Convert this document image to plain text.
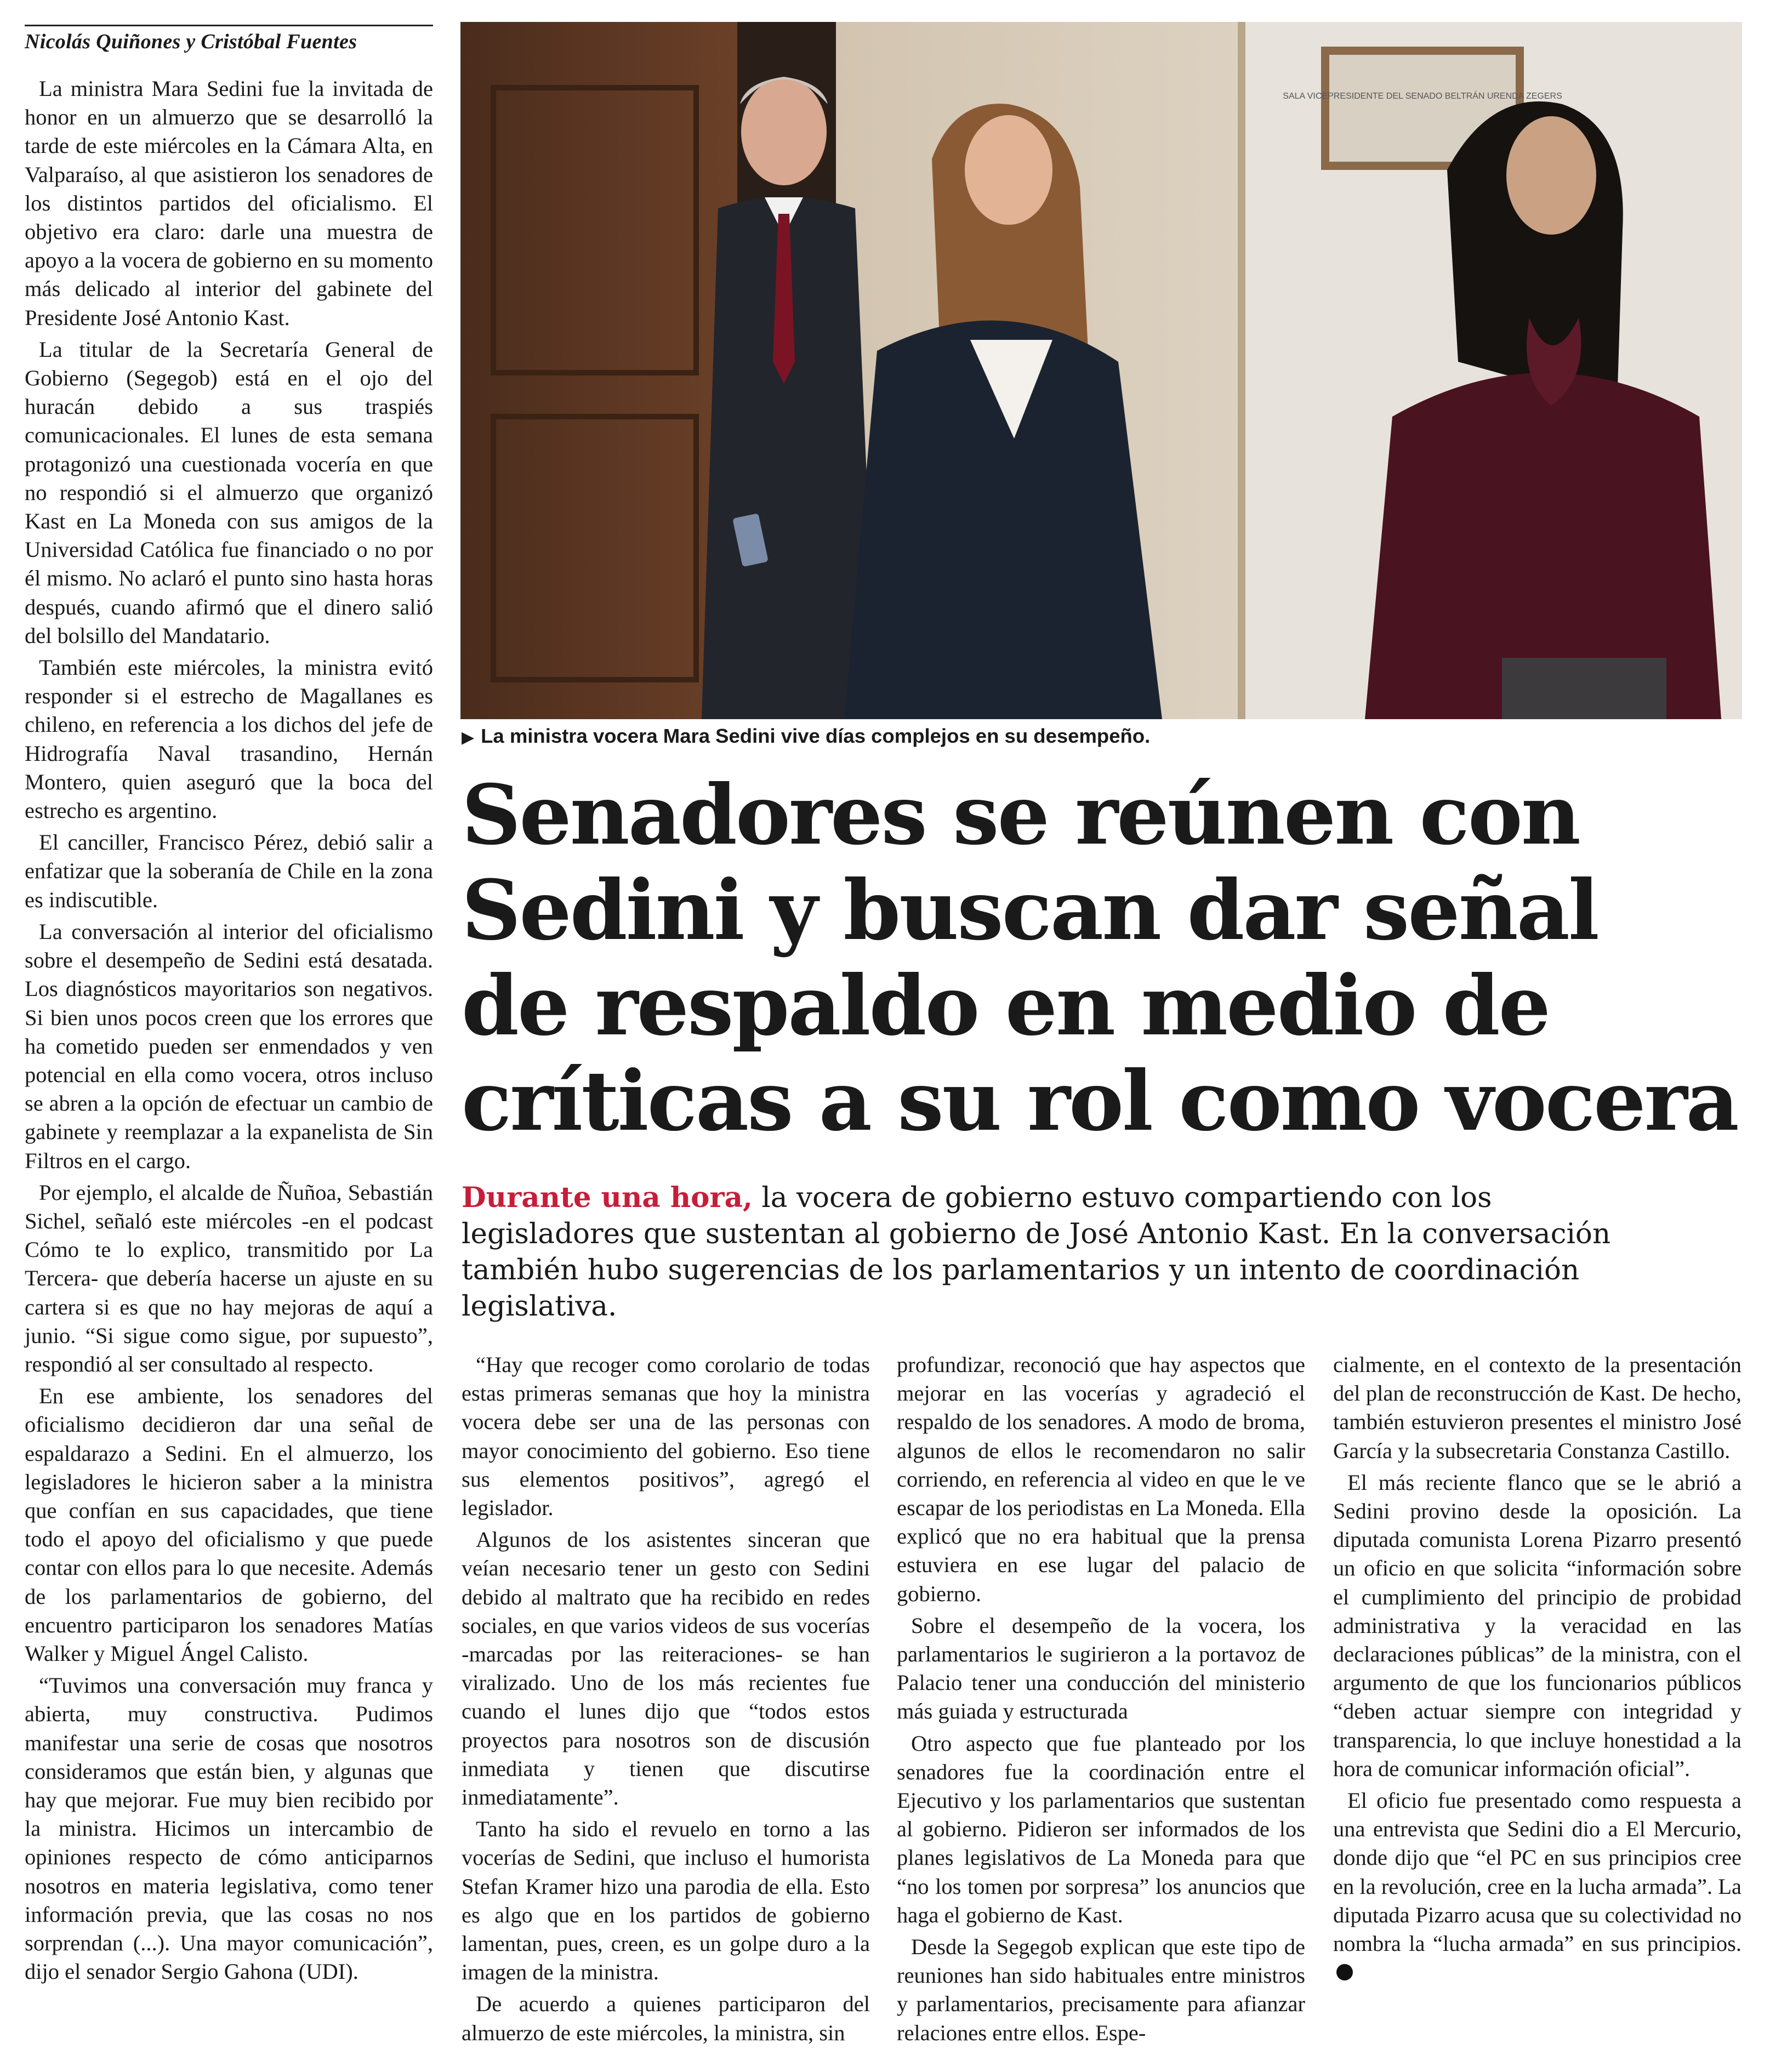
Nicolás Quiñones y Cristóbal Fuentes

La ministra Mara Sedini fue la invitada de honor en un almuerzo que se desarrolló la tarde de este miércoles en la Cámara Alta, en Valparaíso, al que asistieron los senadores de los distintos partidos del oficialismo. El objetivo era claro: darle una muestra de apoyo a la vocera de gobierno en su momento más delicado al interior del gabinete del Presidente José Antonio Kast.

La titular de la Secretaría General de Gobierno (Segegob) está en el ojo del huracán debido a sus traspiés comunicacionales. El lunes de esta semana protagonizó una cuestionada vocería en que no respondió si el almuerzo que organizó Kast en La Moneda con sus amigos de la Universidad Católica fue financiado o no por él mismo. No aclaró el punto sino hasta horas después, cuando afirmó que el dinero salió del bolsillo del Mandatario.

También este miércoles, la ministra evitó responder si el estrecho de Magallanes es chileno, en referencia a los dichos del jefe de Hidrografía Naval trasandino, Hernán Montero, quien aseguró que la boca del estrecho es argentino.

El canciller, Francisco Pérez, debió salir a enfatizar que la soberanía de Chile en la zona es indiscutible.

La conversación al interior del oficialismo sobre el desempeño de Sedini está desatada. Los diagnósticos mayoritarios son negativos. Si bien unos pocos creen que los errores que ha cometido pueden ser enmendados y ven potencial en ella como vocera, otros incluso se abren a la opción de efectuar un cambio de gabinete y reemplazar a la expanelista de Sin Filtros en el cargo.

Por ejemplo, el alcalde de Ñuñoa, Sebastián Sichel, señaló este miércoles -en el podcast Cómo te lo explico, transmitido por La Tercera- que debería hacerse un ajuste en su cartera si es que no hay mejoras de aquí a junio. “Si sigue como sigue, por supuesto”, respondió al ser consultado al respecto.

En ese ambiente, los senadores del oficialismo decidieron dar una señal de espaldarazo a Sedini. En el almuerzo, los legisladores le hicieron saber a la ministra que confían en sus capacidades, que tiene todo el apoyo del oficialismo y que puede contar con ellos para lo que necesite. Además de los parlamentarios de gobierno, del encuentro participaron los senadores Matías Walker y Miguel Ángel Calisto.

“Tuvimos una conversación muy franca y abierta, muy constructiva. Pudimos manifestar una serie de cosas que nosotros consideramos que están bien, y algunas que hay que mejorar. Fue muy bien recibido por la ministra. Hicimos un intercambio de opiniones respecto de cómo anticiparnos nosotros en materia legislativa, como tener información previa, que las cosas no nos sorprendan (...). Una mayor comunicación”, dijo el senador Sergio Gahona (UDI).

SALA VICEPRESIDENTE DEL SENADO BELTRÁN URENDA ZEGERS
▶ La ministra vocera Mara Sedini vive días complejos en su desempeño.
Senadores se reúnen con
Sedini y buscan dar señal
de respaldo en medio de
críticas a su rol como vocera
Durante una hora, la vocera de gobierno estuvo compartiendo con los legisladores que sustentan al gobierno de José Antonio Kast. En la conversación también hubo sugerencias de los parlamentarios y un intento de coordinación legislativa.

“Hay que recoger como corolario de todas estas primeras semanas que hoy la ministra vocera debe ser una de las personas con mayor conocimiento del gobierno. Eso tiene sus elementos positivos”, agregó el legislador.

Algunos de los asistentes sinceran que veían necesario tener un gesto con Sedini debido al maltrato que ha recibido en redes sociales, en que varios videos de sus vocerías -marcadas por las reiteraciones- se han viralizado. Uno de los más recientes fue cuando el lunes dijo que “todos estos proyectos para nosotros son de discusión inmediata y tienen que discutirse inmediatamente”.

Tanto ha sido el revuelo en torno a las vocerías de Sedini, que incluso el humorista Stefan Kramer hizo una parodia de ella. Esto es algo que en los partidos de gobierno lamentan, pues, creen, es un golpe duro a la imagen de la ministra.

De acuerdo a quienes participaron del almuerzo de este miércoles, la ministra, sin

profundizar, reconoció que hay aspectos que mejorar en las vocerías y agradeció el respaldo de los senadores. A modo de broma, algunos de ellos le recomendaron no salir corriendo, en referencia al video en que le ve escapar de los periodistas en La Moneda. Ella explicó que no era habitual que la prensa estuviera en ese lugar del palacio de gobierno.

Sobre el desempeño de la vocera, los parlamentarios le sugirieron a la portavoz de Palacio tener una conducción del ministerio más guiada y estructurada

Otro aspecto que fue planteado por los senadores fue la coordinación entre el Ejecutivo y los parlamentarios que sustentan al gobierno. Pidieron ser informados de los planes legislativos de La Moneda para que “no los tomen por sorpresa” los anuncios que haga el gobierno de Kast.

Desde la Segegob explican que este tipo de reuniones han sido habituales entre ministros y parlamentarios, precisamente para afianzar relaciones entre ellos. Espe-

cialmente, en el contexto de la presentación del plan de reconstrucción de Kast. De hecho, también estuvieron presentes el ministro José García y la subsecretaria Constanza Castillo.

El más reciente flanco que se le abrió a Sedini provino desde la oposición. La diputada comunista Lorena Pizarro presentó un oficio en que solicita “información sobre el cumplimiento del principio de probidad administrativa y la veracidad en las declaraciones públicas” de la ministra, con el argumento de que los funcionarios públicos “deben actuar siempre con integridad y transparencia, lo que incluye honestidad a la hora de comunicar información oficial”.

El oficio fue presentado como respuesta a una entrevista que Sedini dio a El Mercurio, donde dijo que “el PC en sus principios cree en la revolución, cree en la lucha armada”. La diputada Pizarro acusa que su colectividad no nombra la “lucha armada” en sus principios.
